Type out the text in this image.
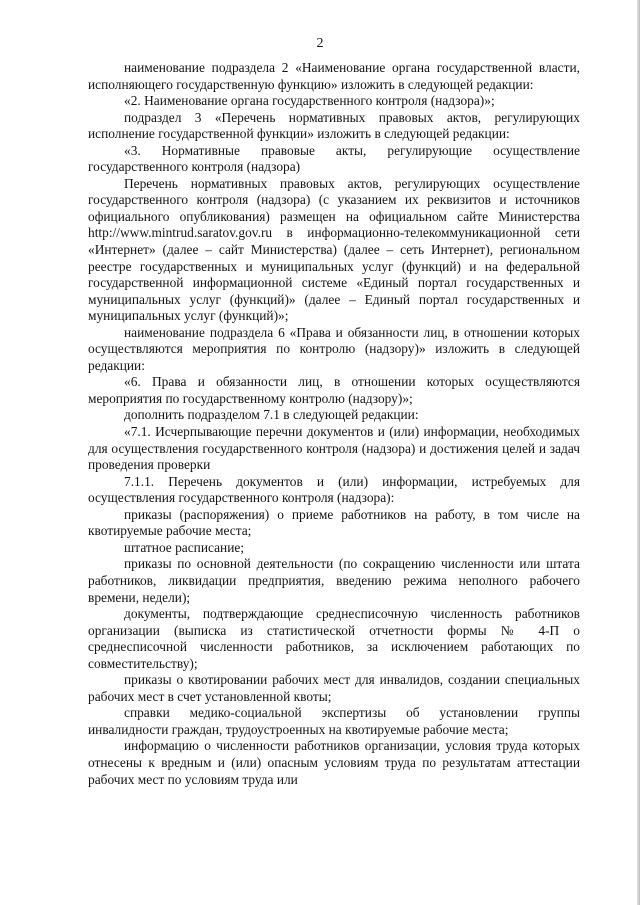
2

наименование подраздела 2 «Наименование органа государственной власти, исполняющего государственную функцию» изложить в следующей редакции:

«2. Наименование органа государственного контроля (надзора)»;

подраздел 3 «Перечень нормативных правовых актов, регулирующих исполнение государственной функции» изложить в следующей редакции:

«3. Нормативные правовые акты, регулирующие осуществление государственного контроля (надзора)

Перечень нормативных правовых актов, регулирующих осуществление государственного контроля (надзора) (с указанием их реквизитов и источников официального опубликования) размещен на официальном сайте Министерства http://www.mintrud.saratov.gov.ru в информационно-телекоммуникационной сети «Интернет» (далее – сайт Министерства) (далее – сеть Интернет), региональном реестре государственных и муниципальных услуг (функций) и на федеральной государственной информационной системе «Единый портал государственных и муниципальных услуг (функций)» (далее – Единый портал государственных и муниципальных услуг (функций)»;

наименование подраздела 6 «Права и обязанности лиц, в отношении которых осуществляются мероприятия по контролю (надзору)» изложить в следующей редакции:

«6. Права и обязанности лиц, в отношении которых осуществляются мероприятия по государственному контролю (надзору)»;

дополнить подразделом 7.1 в следующей редакции:

«7.1. Исчерпывающие перечни документов и (или) информации, необходимых для осуществления государственного контроля (надзора) и достижения целей и задач проведения проверки

7.1.1. Перечень документов и (или) информации, истребуемых для осуществления государственного контроля (надзора):

приказы (распоряжения) о приеме работников на работу, в том числе на квотируемые рабочие места;

штатное расписание;

приказы по основной деятельности (по сокращению численности или штата работников, ликвидации предприятия, введению режима неполного рабочего времени, недели);

документы, подтверждающие среднесписочную численность работников организации (выписка из статистической отчетности формы № 4-П о среднесписочной численности работников, за исключением работающих по совместительству);

приказы о квотировании рабочих мест для инвалидов, создании специальных рабочих мест в счет установленной квоты;

справки медико-социальной экспертизы об установлении группы инвалидности граждан, трудоустроенных на квотируемые рабочие места;

информацию о численности работников организации, условия труда которых отнесены к вредным и (или) опасным условиям труда по результатам аттестации рабочих мест по условиям труда или
